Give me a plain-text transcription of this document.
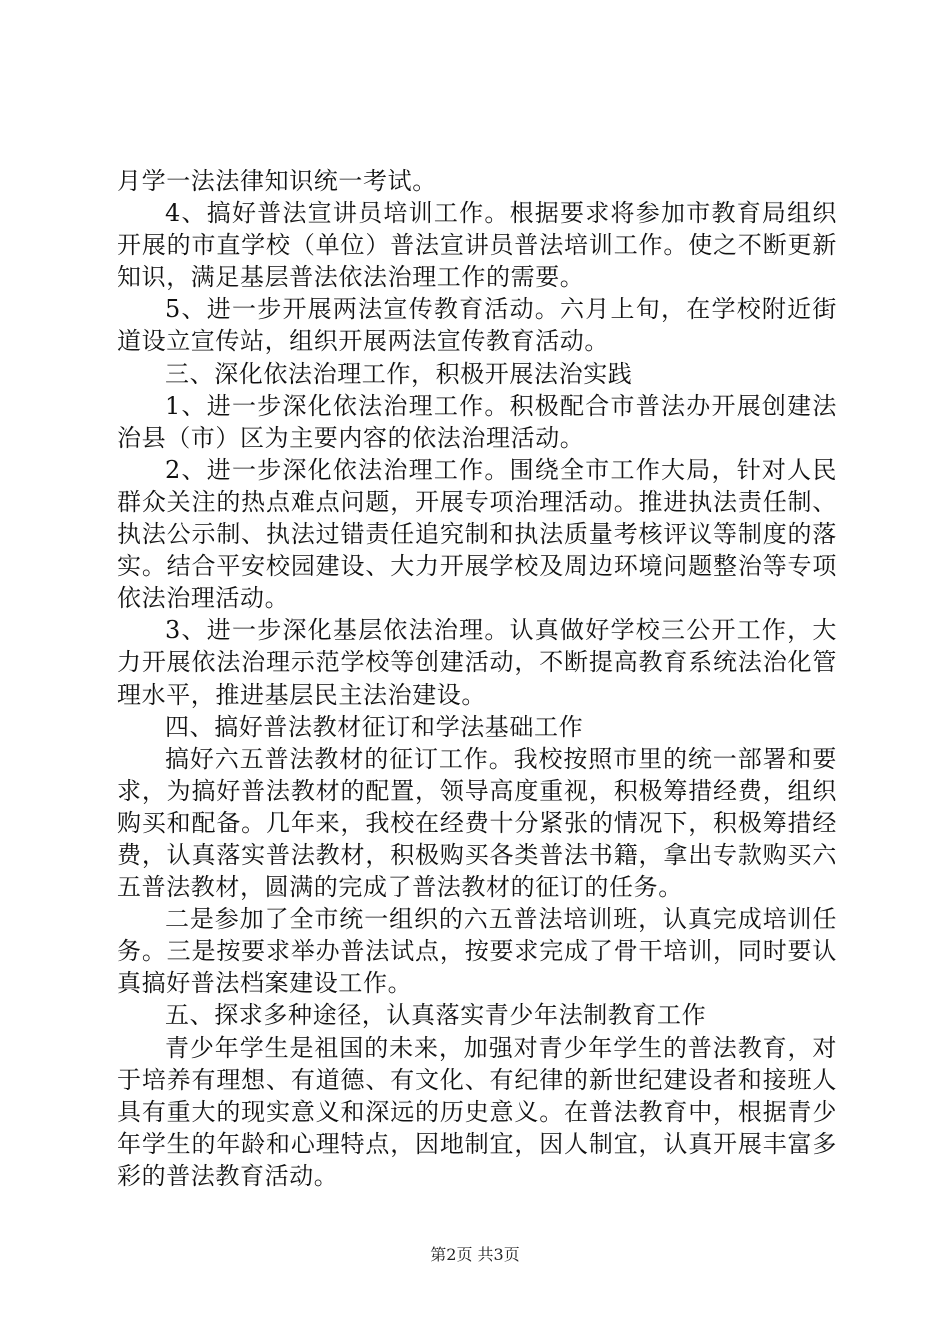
月学一法法律知识统一考试。

4、搞好普法宣讲员培训工作。根据要求将参加市教育局组织开展的市直学校（单位）普法宣讲员普法培训工作。使之不断更新知识，满足基层普法依法治理工作的需要。

5、进一步开展两法宣传教育活动。六月上旬，在学校附近街道设立宣传站，组织开展两法宣传教育活动。

三、深化依法治理工作，积极开展法治实践

1、进一步深化依法治理工作。积极配合市普法办开展创建法治县（市）区为主要内容的依法治理活动。

2、进一步深化依法治理工作。围绕全市工作大局，针对人民群众关注的热点难点问题，开展专项治理活动。推进执法责任制、执法公示制、执法过错责任追究制和执法质量考核评议等制度的落实。结合平安校园建设、大力开展学校及周边环境问题整治等专项依法治理活动。

3、进一步深化基层依法治理。认真做好学校三公开工作，大力开展依法治理示范学校等创建活动，不断提高教育系统法治化管理水平，推进基层民主法治建设。

四、搞好普法教材征订和学法基础工作

搞好六五普法教材的征订工作。我校按照市里的统一部署和要求，为搞好普法教材的配置，领导高度重视，积极筹措经费，组织购买和配备。几年来，我校在经费十分紧张的情况下，积极筹措经费，认真落实普法教材，积极购买各类普法书籍，拿出专款购买六五普法教材，圆满的完成了普法教材的征订的任务。

二是参加了全市统一组织的六五普法培训班，认真完成培训任务。三是按要求举办普法试点，按要求完成了骨干培训，同时要认真搞好普法档案建设工作。

五、探求多种途径，认真落实青少年法制教育工作

青少年学生是祖国的未来，加强对青少年学生的普法教育，对于培养有理想、有道德、有文化、有纪律的新世纪建设者和接班人具有重大的现实意义和深远的历史意义。在普法教育中，根据青少年学生的年龄和心理特点，因地制宜，因人制宜，认真开展丰富多彩的普法教育活动。

第2页 共3页
